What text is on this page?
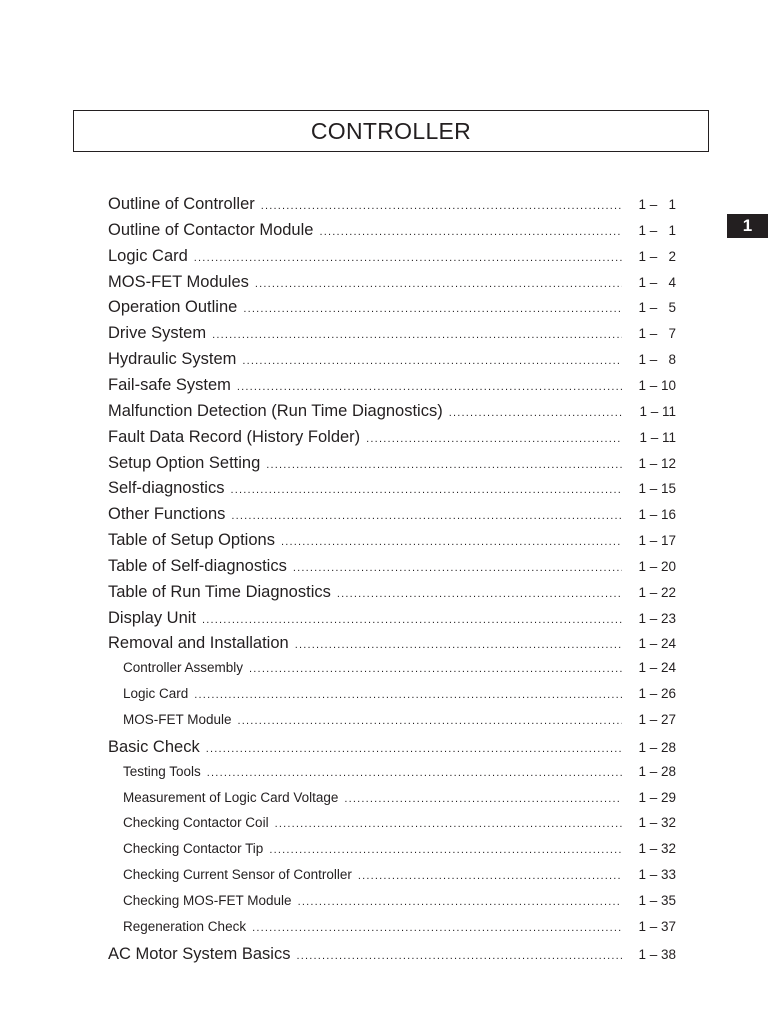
CONTROLLER
1
Outline of Controller .....	1 –   1
Outline of Contactor Module .....	1 –   1
Logic Card .....	1 –   2
MOS-FET Modules .....	1 –   4
Operation Outline .....	1 –   5
Drive System .....	1 –   7
Hydraulic System .....	1 –   8
Fail-safe System .....	1 – 10
Malfunction Detection (Run Time Diagnostics) .....	1 – 11
Fault Data Record (History Folder) .....	1 – 11
Setup Option Setting .....	1 – 12
Self-diagnostics .....	1 – 15
Other Functions .....	1 – 16
Table of Setup Options .....	1 – 17
Table of Self-diagnostics .....	1 – 20
Table of Run Time Diagnostics .....	1 – 22
Display Unit .....	1 – 23
Removal and Installation .....	1 – 24
Controller Assembly .....	1 – 24
Logic Card .....	1 – 26
MOS-FET Module .....	1 – 27
Basic Check .....	1 – 28
Testing Tools .....	1 – 28
Measurement of Logic Card Voltage .....	1 – 29
Checking Contactor Coil .....	1 – 32
Checking Contactor Tip .....	1 – 32
Checking Current Sensor of Controller .....	1 – 33
Checking MOS-FET Module .....	1 – 35
Regeneration Check .....	1 – 37
AC Motor System Basics .....	1 – 38
